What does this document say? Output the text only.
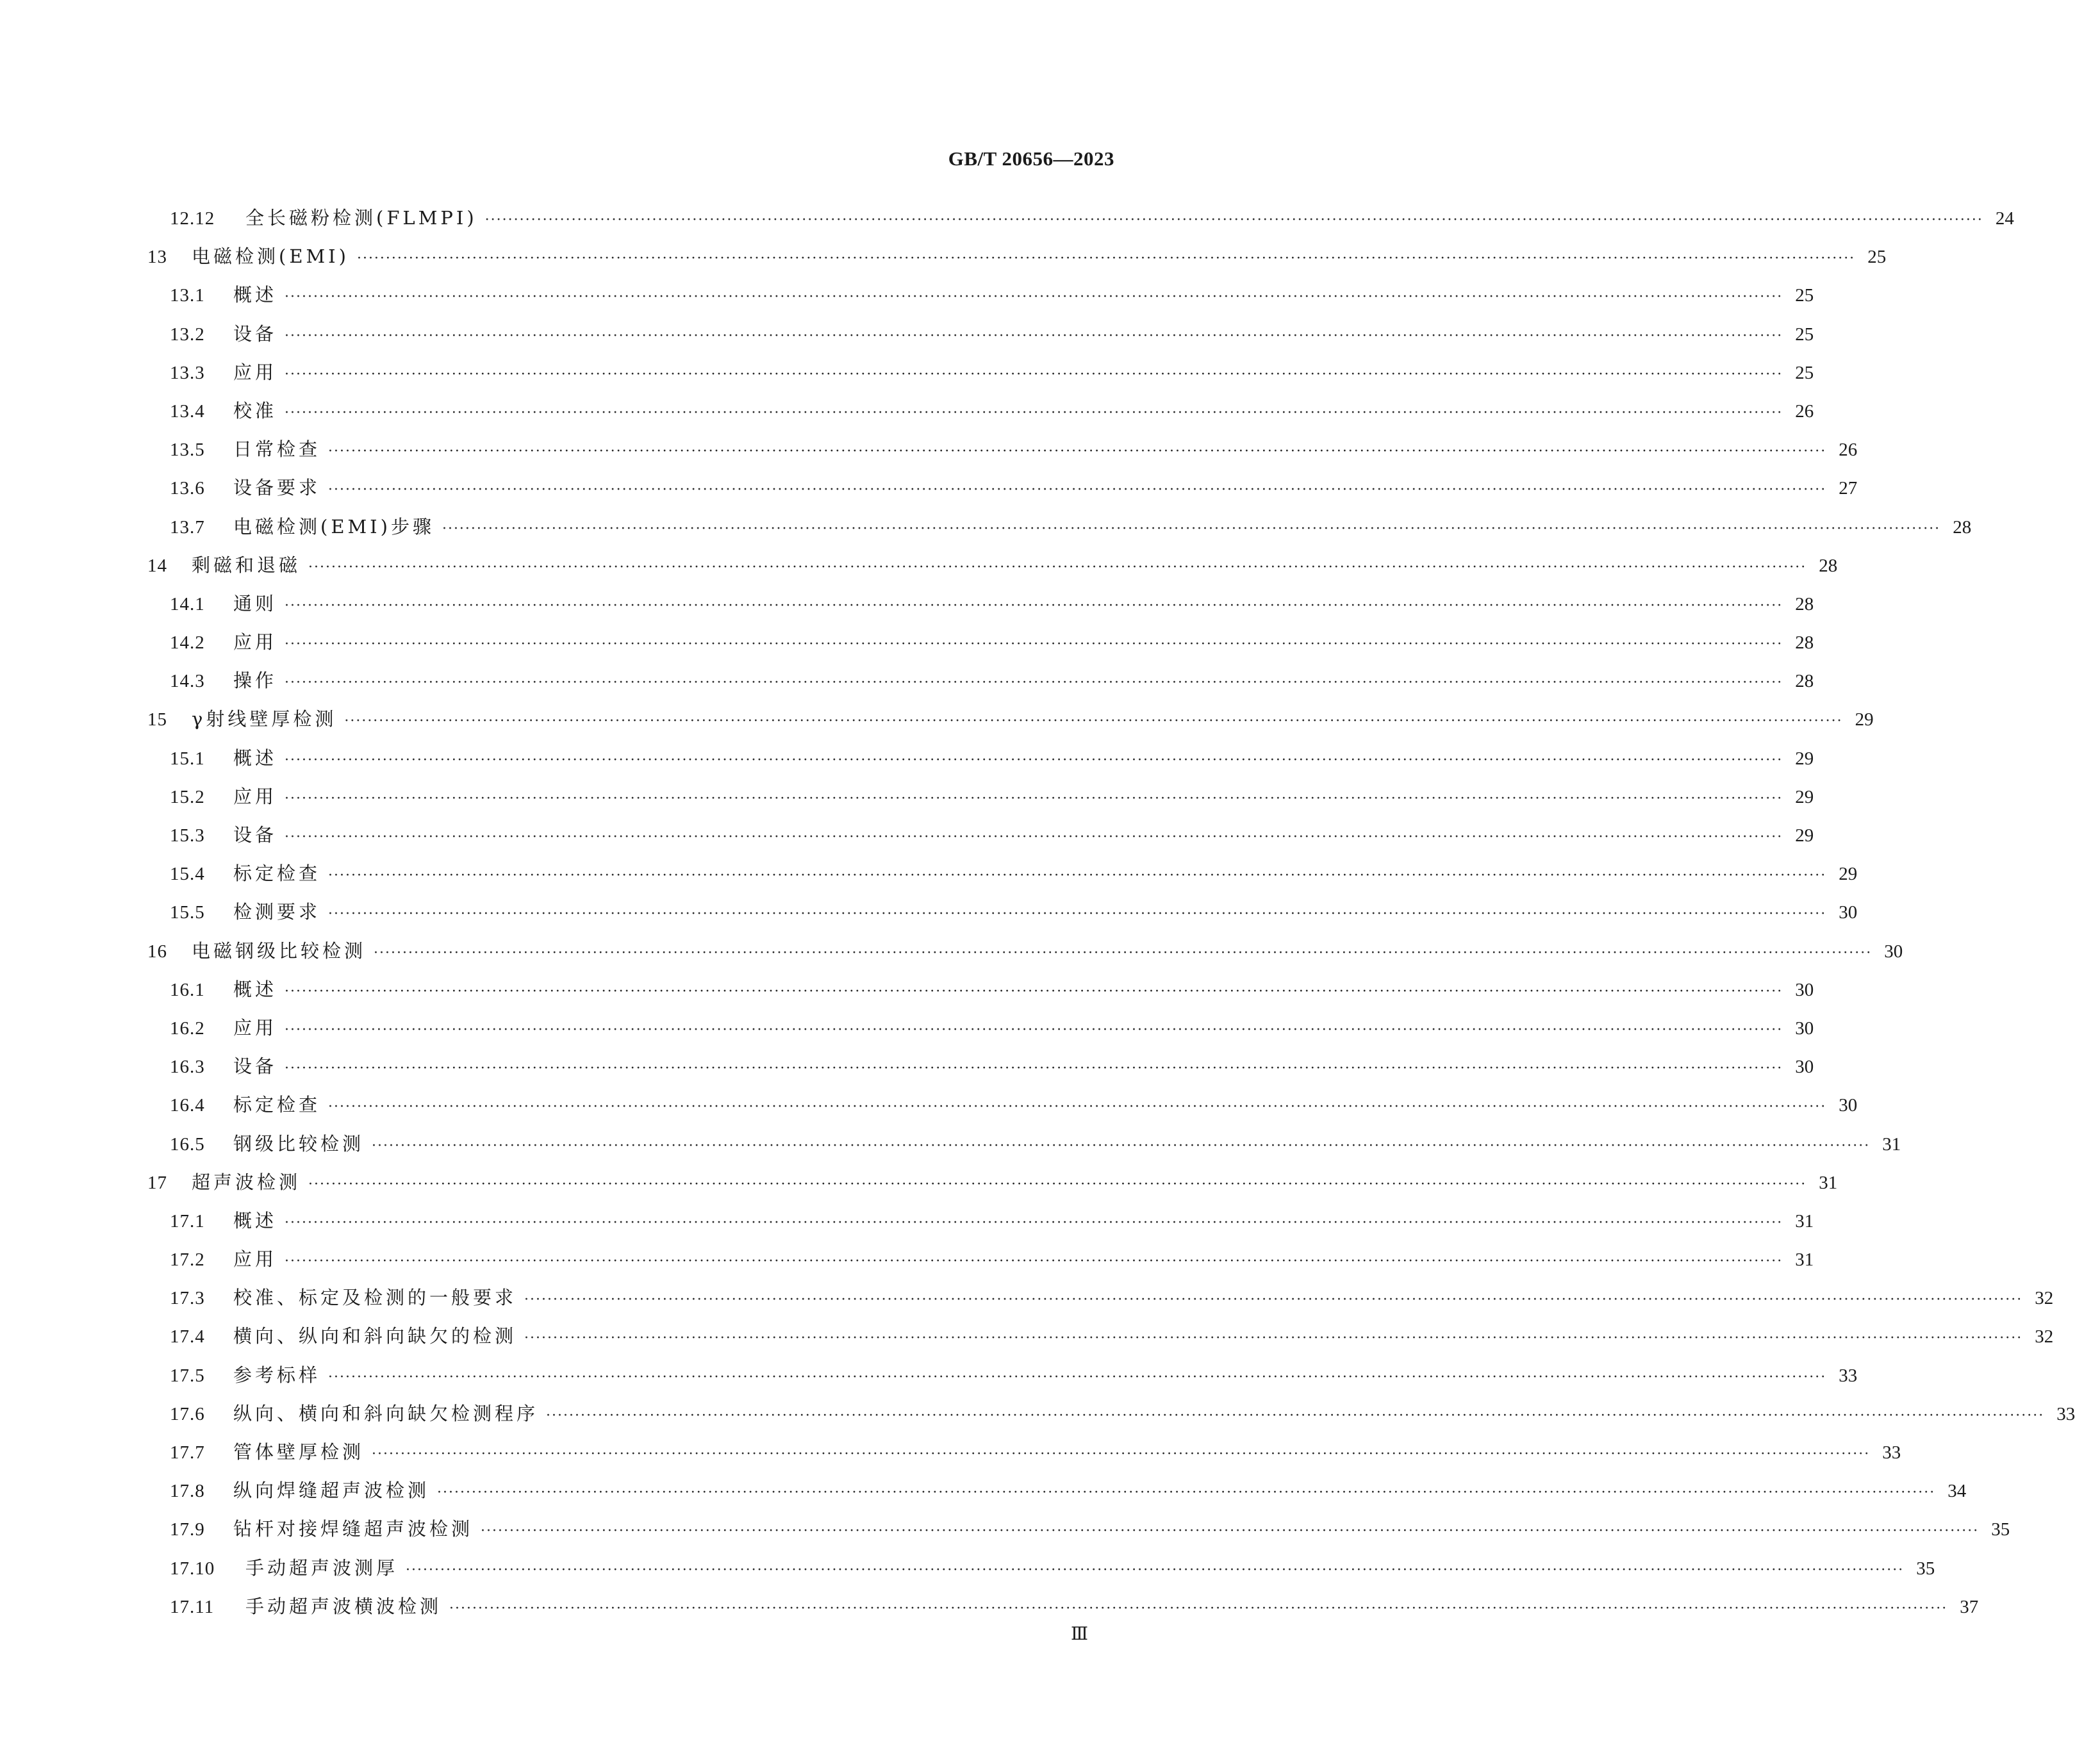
GB/T 20656—2023
12.12	全长磁粉检测(FLMPI) ···································································································································································································································································· 24
13	电磁检测(EMI) ···································································································································································································································································· 25
13.1	概述 ···································································································································································································································································· 25
13.2	设备 ···································································································································································································································································· 25
13.3	应用 ···································································································································································································································································· 25
13.4	校准 ···································································································································································································································································· 26
13.5	日常检查 ···································································································································································································································································· 26
13.6	设备要求 ···································································································································································································································································· 27
13.7	电磁检测(EMI)步骤 ···································································································································································································································································· 28
14	剩磁和退磁 ···································································································································································································································································· 28
14.1	通则 ···································································································································································································································································· 28
14.2	应用 ···································································································································································································································································· 28
14.3	操作 ···································································································································································································································································· 28
15	γ射线壁厚检测 ···································································································································································································································································· 29
15.1	概述 ···································································································································································································································································· 29
15.2	应用 ···································································································································································································································································· 29
15.3	设备 ···································································································································································································································································· 29
15.4	标定检查 ···································································································································································································································································· 29
15.5	检测要求 ···································································································································································································································································· 30
16	电磁钢级比较检测 ···································································································································································································································································· 30
16.1	概述 ···································································································································································································································································· 30
16.2	应用 ···································································································································································································································································· 30
16.3	设备 ···································································································································································································································································· 30
16.4	标定检查 ···································································································································································································································································· 30
16.5	钢级比较检测 ···································································································································································································································································· 31
17	超声波检测 ···································································································································································································································································· 31
17.1	概述 ···································································································································································································································································· 31
17.2	应用 ···································································································································································································································································· 31
17.3	校准、标定及检测的一般要求 ···································································································································································································································································· 32
17.4	横向、纵向和斜向缺欠的检测 ···································································································································································································································································· 32
17.5	参考标样 ···································································································································································································································································· 33
17.6	纵向、横向和斜向缺欠检测程序 ···································································································································································································································································· 33
17.7	管体壁厚检测 ···································································································································································································································································· 33
17.8	纵向焊缝超声波检测 ···································································································································································································································································· 34
17.9	钻杆对接焊缝超声波检测 ···································································································································································································································································· 35
17.10	手动超声波测厚 ···································································································································································································································································· 35
17.11	手动超声波横波检测 ···································································································································································································································································· 37
Ⅲ
